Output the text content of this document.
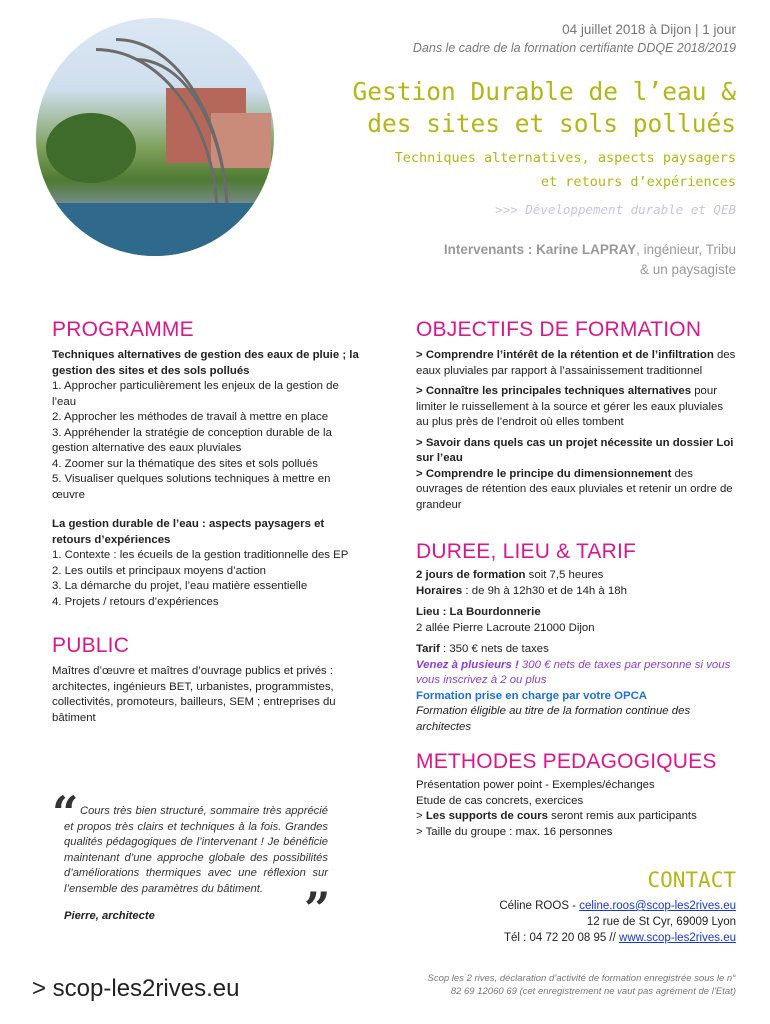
04 juillet 2018 à Dijon | 1 jour
Dans le cadre de la formation certifiante DDQE 2018/2019
Gestion Durable de l’eau &
des sites et sols pollués
Techniques alternatives, aspects paysagers
et retours d’expériences
>>> Développement durable et QEB
Intervenants : Karine LAPRAY, ingénieur, Tribu
& un paysagiste
PROGRAMME

Techniques alternatives de gestion des eaux de pluie ; la gestion des sites et des sols pollués

1. Approcher particulièrement les enjeux de la gestion de l’eau

2. Approcher les méthodes de travail à mettre en place

3. Appréhender la stratégie de conception durable de la gestion alternative des eaux pluviales

4. Zoomer sur la thématique des sites et sols pollués

5. Visualiser quelques solutions techniques à mettre en œuvre

La gestion durable de l’eau : aspects paysagers et retours d’expériences

1. Contexte : les écueils de la gestion traditionnelle des EP

2. Les outils et principaux moyens d’action

3. La démarche du projet, l’eau matière essentielle

4. Projets / retours d’expériences

PUBLIC
Maîtres d’œuvre et maîtres d’ouvrage publics et privés : architectes, ingénieurs BET, urbanistes, programmistes, collectivités, promoteurs, bailleurs, SEM ; entreprises du bâtiment
“ Cours très bien structuré, sommaire très apprécié et propos très clairs et techniques à la fois. Grandes qualités pédagogiques de l’intervenant ! Je bénéficie maintenant d’une approche globale des possibilités d’améliorations thermiques avec une réflexion sur l’ensemble des paramètres du bâtiment.
Pierre, architecte	”
OBJECTIFS DE FORMATION

> Comprendre l’intérêt de la rétention et de l’infiltration des eaux pluviales par rapport à l’assainissement traditionnel

> Connaître les principales techniques alternatives pour limiter le ruissellement à la source et gérer les eaux pluviales au plus près de l’endroit où elles tombent

> Savoir dans quels cas un projet nécessite un dossier Loi sur l’eau

> Comprendre le principe du dimensionnement des ouvrages de rétention des eaux pluviales et retenir un ordre de grandeur

DUREE, LIEU & TARIF

2 jours de formation soit 7,5 heures

Horaires : de 9h à 12h30 et de 14h à 18h

Lieu : La Bourdonnerie

2 allée Pierre Lacroute 21000 Dijon

Tarif : 350 € nets de taxes

Venez à plusieurs ! 300 € nets de taxes par personne si vous vous inscrivez à 2 ou plus

Formation prise en charge par votre OPCA

Formation éligible au titre de la formation continue des architectes

METHODES PEDAGOGIQUES

Présentation power point - Exemples/échanges

Etude de cas concrets, exercices

> Les supports de cours seront remis aux participants

> Taille du groupe : max. 16 personnes

CONTACT

Céline ROOS - celine.roos@scop-les2rives.eu

12 rue de St Cyr, 69009 Lyon

Tél : 04 72 20 08 95 // www.scop-les2rives.eu

> scop-les2rives.eu	Scop les 2 rives, déclaration d’activité de formation enregistrée sous le n° 82 69 12060 69 (cet enregistrement ne vaut pas agrément de l’Etat)
